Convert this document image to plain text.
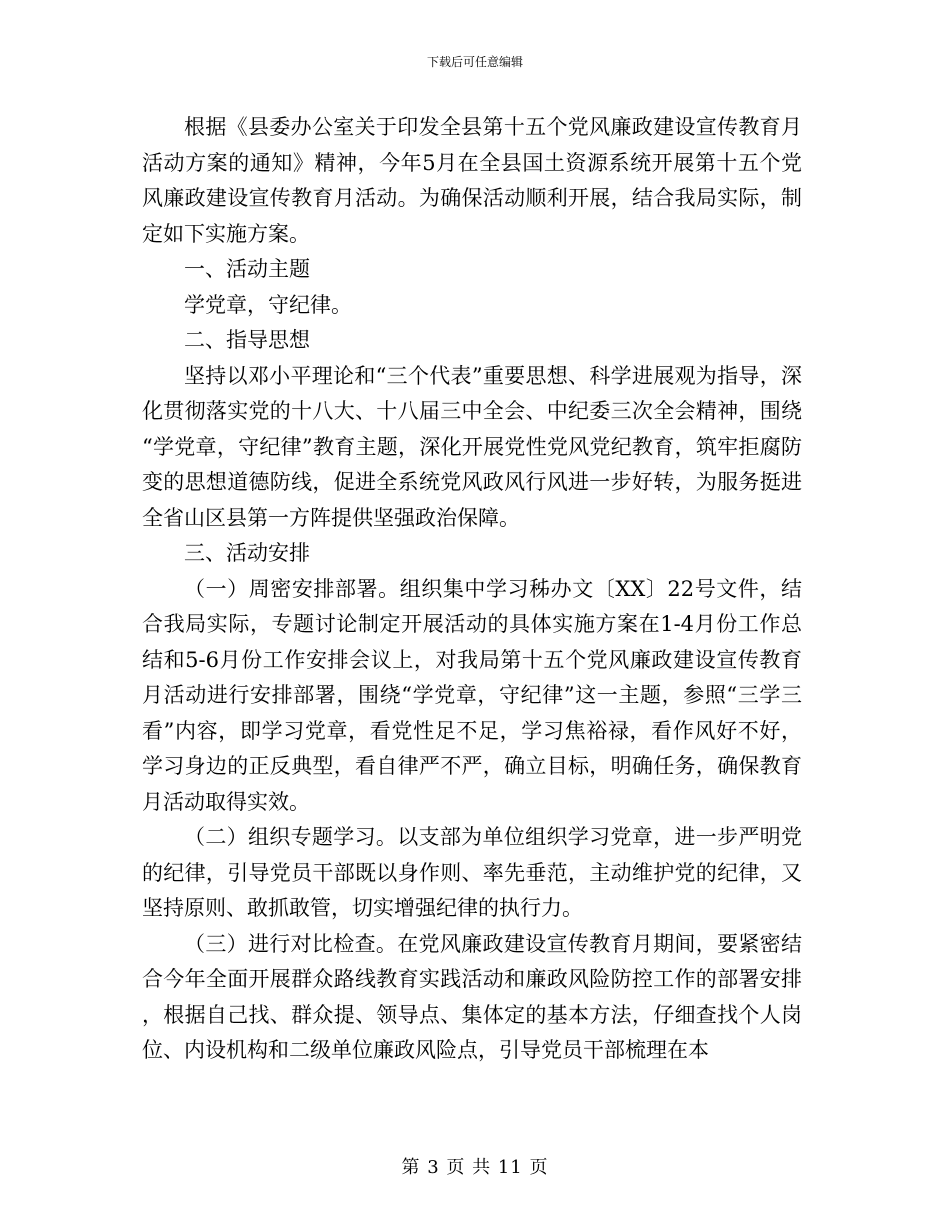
下载后可任意编辑

根据《县委办公室关于印发全县第十五个党风廉政建设宣传教育月活动方案的通知》精神，今年5月在全县国土资源系统开展第十五个党风廉政建设宣传教育月活动。为确保活动顺利开展，结合我局实际，制定如下实施方案。

一、活动主题

学党章，守纪律。

二、指导思想

坚持以邓小平理论和“三个代表”重要思想、科学进展观为指导，深化贯彻落实党的十八大、十八届三中全会、中纪委三次全会精神，围绕“学党章，守纪律”教育主题，深化开展党性党风党纪教育，筑牢拒腐防变的思想道德防线，促进全系统党风政风行风进一步好转，为服务挺进全省山区县第一方阵提供坚强政治保障。

三、活动安排

（一）周密安排部署。组织集中学习秭办文〔XX〕22号文件，结合我局实际，专题讨论制定开展活动的具体实施方案在1-4月份工作总结和5-6月份工作安排会议上，对我局第十五个党风廉政建设宣传教育月活动进行安排部署，围绕“学党章，守纪律”这一主题，参照“三学三看”内容，即学习党章，看党性足不足，学习焦裕禄，看作风好不好，学习身边的正反典型，看自律严不严，确立目标，明确任务，确保教育月活动取得实效。

（二）组织专题学习。以支部为单位组织学习党章，进一步严明党的纪律，引导党员干部既以身作则、率先垂范，主动维护党的纪律，又坚持原则、敢抓敢管，切实增强纪律的执行力。

（三）进行对比检查。在党风廉政建设宣传教育月期间，要紧密结合今年全面开展群众路线教育实践活动和廉政风险防控工作的部署安排，根据自己找、群众提、领导点、集体定的基本方法，仔细查找个人岗位、内设机构和二级单位廉政风险点，引导党员干部梳理在本

第 3 页 共 11 页
